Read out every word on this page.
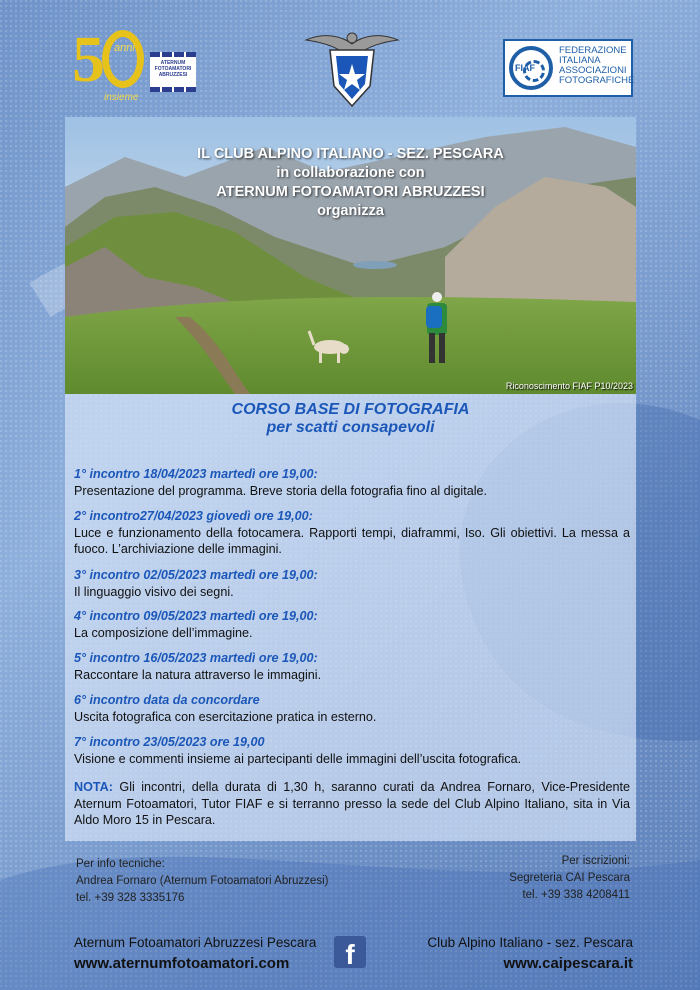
5 anni
insieme
ATERNUM FOTOAMATORI ABRUZZESI
FIAF
FEDERAZIONE
ITALIANA
ASSOCIAZIONI
FOTOGRAFICHE
IL CLUB ALPINO ITALIANO - SEZ. PESCARA
in collaborazione con
ATERNUM FOTOAMATORI ABRUZZESI
organizza
Riconoscimento FIAF P10/2023
CORSO BASE DI FOTOGRAFIA
per scatti consapevoli
1° incontro 18/04/2023 martedì ore 19,00:
Presentazione del programma. Breve storia della fotografia fino al digitale.
2° incontro27/04/2023 giovedì ore 19,00:
Luce e funzionamento della fotocamera. Rapporti tempi, diaframmi, Iso. Gli obiettivi. La messa a fuoco. L’archiviazione delle immagini.
3° incontro 02/05/2023 martedì ore 19,00:
Il linguaggio visivo dei segni.
4° incontro 09/05/2023 martedì ore 19,00:
La composizione dell’immagine.
5° incontro 16/05/2023 martedì ore 19,00:
Raccontare la natura attraverso le immagini.
6° incontro data da concordare
Uscita fotografica con esercitazione pratica in esterno.
7° incontro 23/05/2023 ore 19,00
Visione e commenti insieme ai partecipanti delle immagini dell’uscita fotografica.
NOTA: Gli incontri, della durata di 1,30 h, saranno curati da Andrea Fornaro, Vice-Presidente Aternum Fotoamatori, Tutor FIAF e si terranno presso la sede del Club Alpino Italiano, sita in Via Aldo Moro 15 in Pescara.
Per info tecniche:
Andrea Fornaro (Aternum Fotoamatori Abruzzesi)
tel. +39 328 3335176
Per iscrizioni:
Segreteria CAI Pescara
tel. +39 338 4208411
Aternum Fotoamatori Abruzzesi Pescara
www.aternumfotoamatori.com	f	Club Alpino Italiano - sez. Pescara
www.caipescara.it
